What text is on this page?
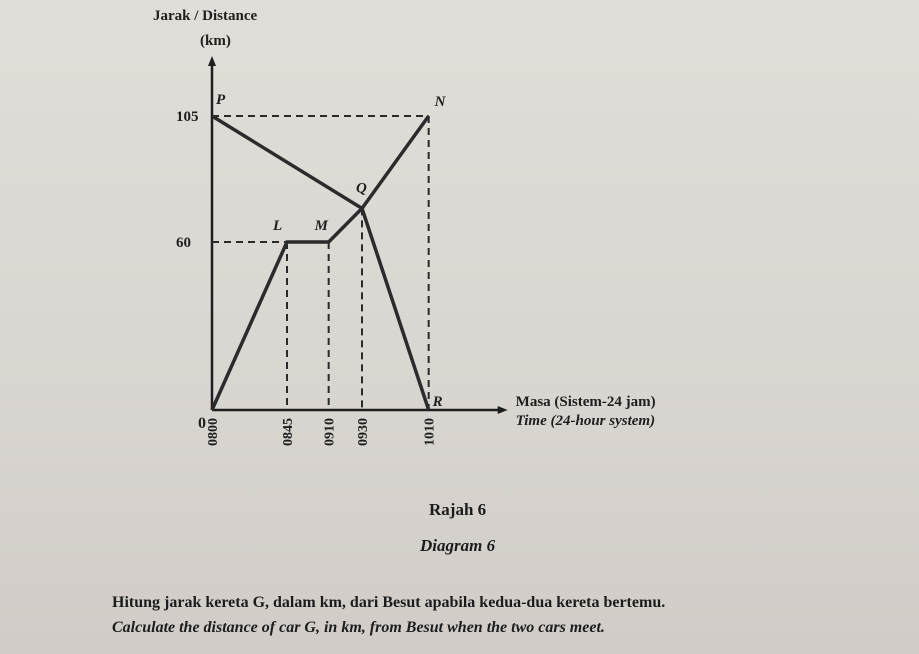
Jarak / Distance
(km)
Masa (Sistem-24 jam)
Time (24-hour system)
0
60
105
0800	0845 0910 0930	1010
L M
Q
N
P
R
Rajah 6
Diagram 6
Hitung jarak kereta G, dalam km, dari Besut apabila kedua-dua kereta bertemu.
Calculate the distance of car G, in km, from Besut when the two cars meet.
